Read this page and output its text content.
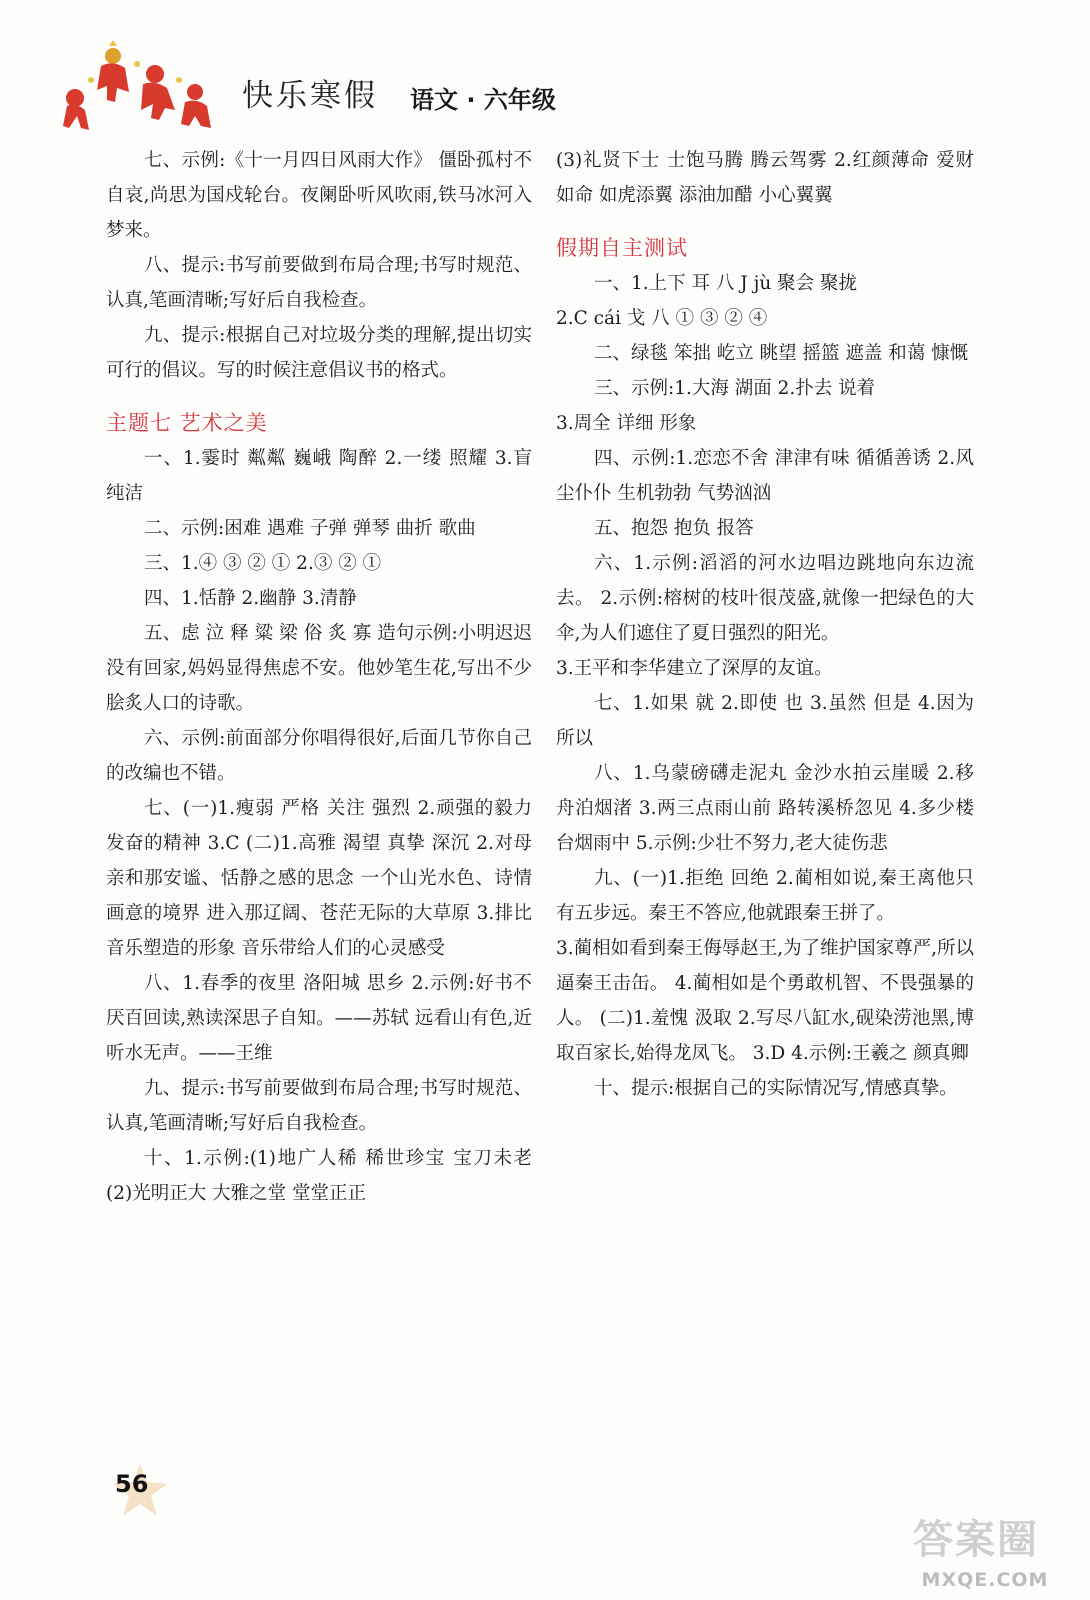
快乐寒假 语文 · 六年级

七、示例:《十一月四日风雨大作》 僵卧孤村不自哀,尚思为国戍轮台。夜阑卧听风吹雨,铁马冰河入梦来。

八、提示:书写前要做到布局合理;书写时规范、认真,笔画清晰;写好后自我检查。

九、提示:根据自己对垃圾分类的理解,提出切实可行的倡议。写的时候注意倡议书的格式。

主题七 艺术之美

一、1.霎时 粼粼 巍峨 陶醉 2.一缕 照耀 3.盲 纯洁

二、示例:困难 遇难 子弹 弹琴 曲折 歌曲

三、1.④ ③ ② ① 2.③ ② ①

四、1.恬静 2.幽静 3.清静

五、虑 泣 释 粱 梁 俗 炙 寡 造句示例:小明迟迟没有回家,妈妈显得焦虑不安。他妙笔生花,写出不少脍炙人口的诗歌。

六、示例:前面部分你唱得很好,后面几节你自己的改编也不错。

七、(一)1.瘦弱 严格 关注 强烈 2.顽强的毅力 发奋的精神 3.C (二)1.高雅 渴望 真挚 深沉 2.对母亲和那安谧、恬静之感的思念 一个山光水色、诗情画意的境界 进入那辽阔、苍茫无际的大草原 3.排比 音乐塑造的形象 音乐带给人们的心灵感受

八、1.春季的夜里 洛阳城 思乡 2.示例:好书不厌百回读,熟读深思子自知。——苏轼 远看山有色,近听水无声。——王维

九、提示:书写前要做到布局合理;书写时规范、认真,笔画清晰;写好后自我检查。

十、1.示例:(1)地广人稀 稀世珍宝 宝刀未老 (2)光明正大 大雅之堂 堂堂正正

(3)礼贤下士 士饱马腾 腾云驾雾 2.红颜薄命 爱财如命 如虎添翼 添油加醋 小心翼翼

假期自主测试

一、1.上下 耳 八 J jù 聚会 聚拢

2.C cái 戈 八 ① ③ ② ④

二、绿毯 笨拙 屹立 眺望 摇篮 遮盖 和蔼 慷慨

三、示例:1.大海 湖面 2.扑去 说着

3.周全 详细 形象

四、示例:1.恋恋不舍 津津有味 循循善诱 2.风尘仆仆 生机勃勃 气势汹汹

五、抱怨 抱负 报答

六、1.示例:滔滔的河水边唱边跳地向东边流去。 2.示例:榕树的枝叶很茂盛,就像一把绿色的大伞,为人们遮住了夏日强烈的阳光。

3.王平和李华建立了深厚的友谊。

七、1.如果 就 2.即使 也 3.虽然 但是 4.因为 所以

八、1.乌蒙磅礴走泥丸 金沙水拍云崖暖 2.移舟泊烟渚 3.两三点雨山前 路转溪桥忽见 4.多少楼台烟雨中 5.示例:少壮不努力,老大徒伤悲

九、(一)1.拒绝 回绝 2.蔺相如说,秦王离他只有五步远。秦王不答应,他就跟秦王拼了。

3.蔺相如看到秦王侮辱赵王,为了维护国家尊严,所以逼秦王击缶。 4.蔺相如是个勇敢机智、不畏强暴的人。 (二)1.羞愧 汲取 2.写尽八缸水,砚染涝池黑,博取百家长,始得龙凤飞。 3.D 4.示例:王羲之 颜真卿

十、提示:根据自己的实际情况写,情感真挚。

56
答案圈
MXQE.COM
